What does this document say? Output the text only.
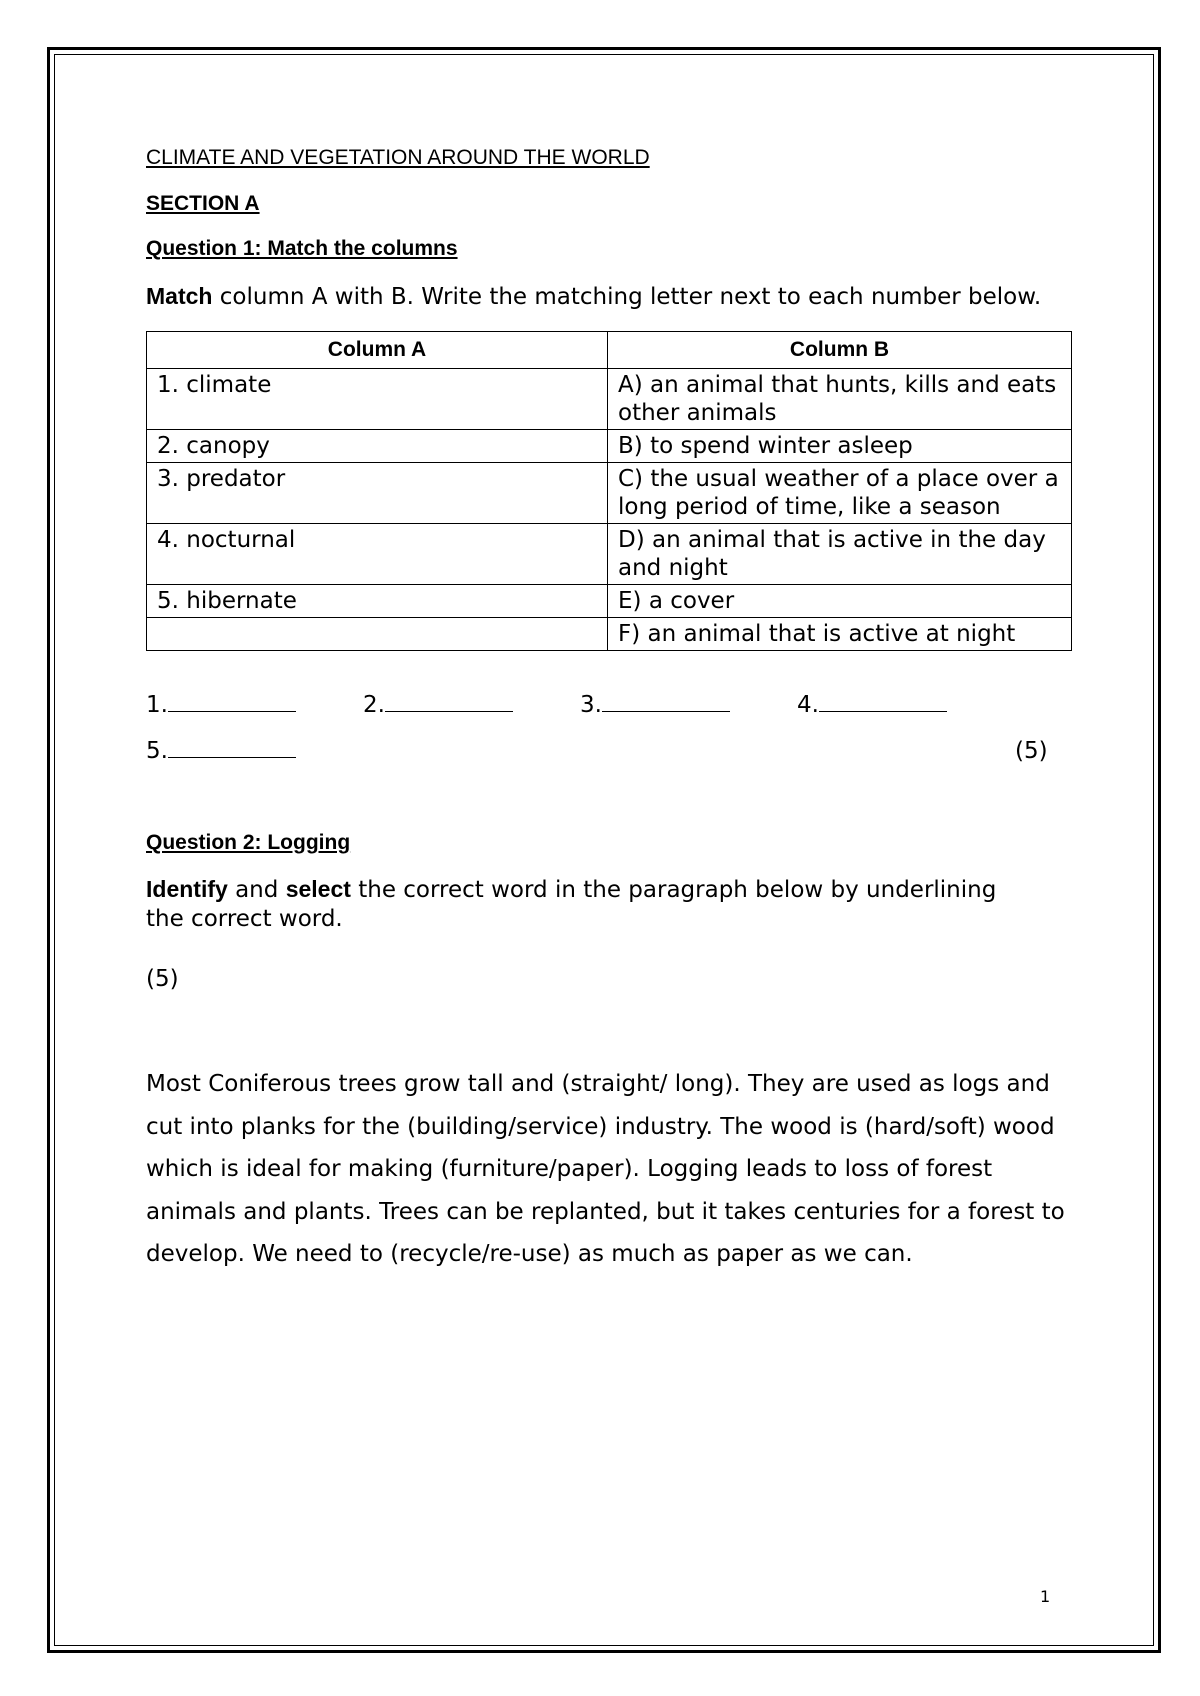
CLIMATE AND VEGETATION AROUND THE WORLD
SECTION A
Question 1: Match the columns
Match column A with B. Write the matching letter next to each number below.
Column A	Column B
1. climate	A) an animal that hunts, kills and eats other animals
2. canopy	B) to spend winter asleep
3. predator	C) the usual weather of a place over a long period of time, like a season
4. nocturnal	D) an animal that is active in the day and night
5. hibernate	E) a cover
	F) an animal that is active at night
1.	2.	3.	4.
5.	(5)
Question 2: Logging
Identify and select the correct word in the paragraph below by underlining
the correct word.
(5)
Most Coniferous trees grow tall and (straight/ long). They are used as logs and cut into planks for the (building/service) industry. The wood is (hard/soft) wood which is ideal for making (furniture/paper). Logging leads to loss of forest animals and plants. Trees can be replanted, but it takes centuries for a forest to develop. We need to (recycle/re-use) as much as paper as we can.
1
